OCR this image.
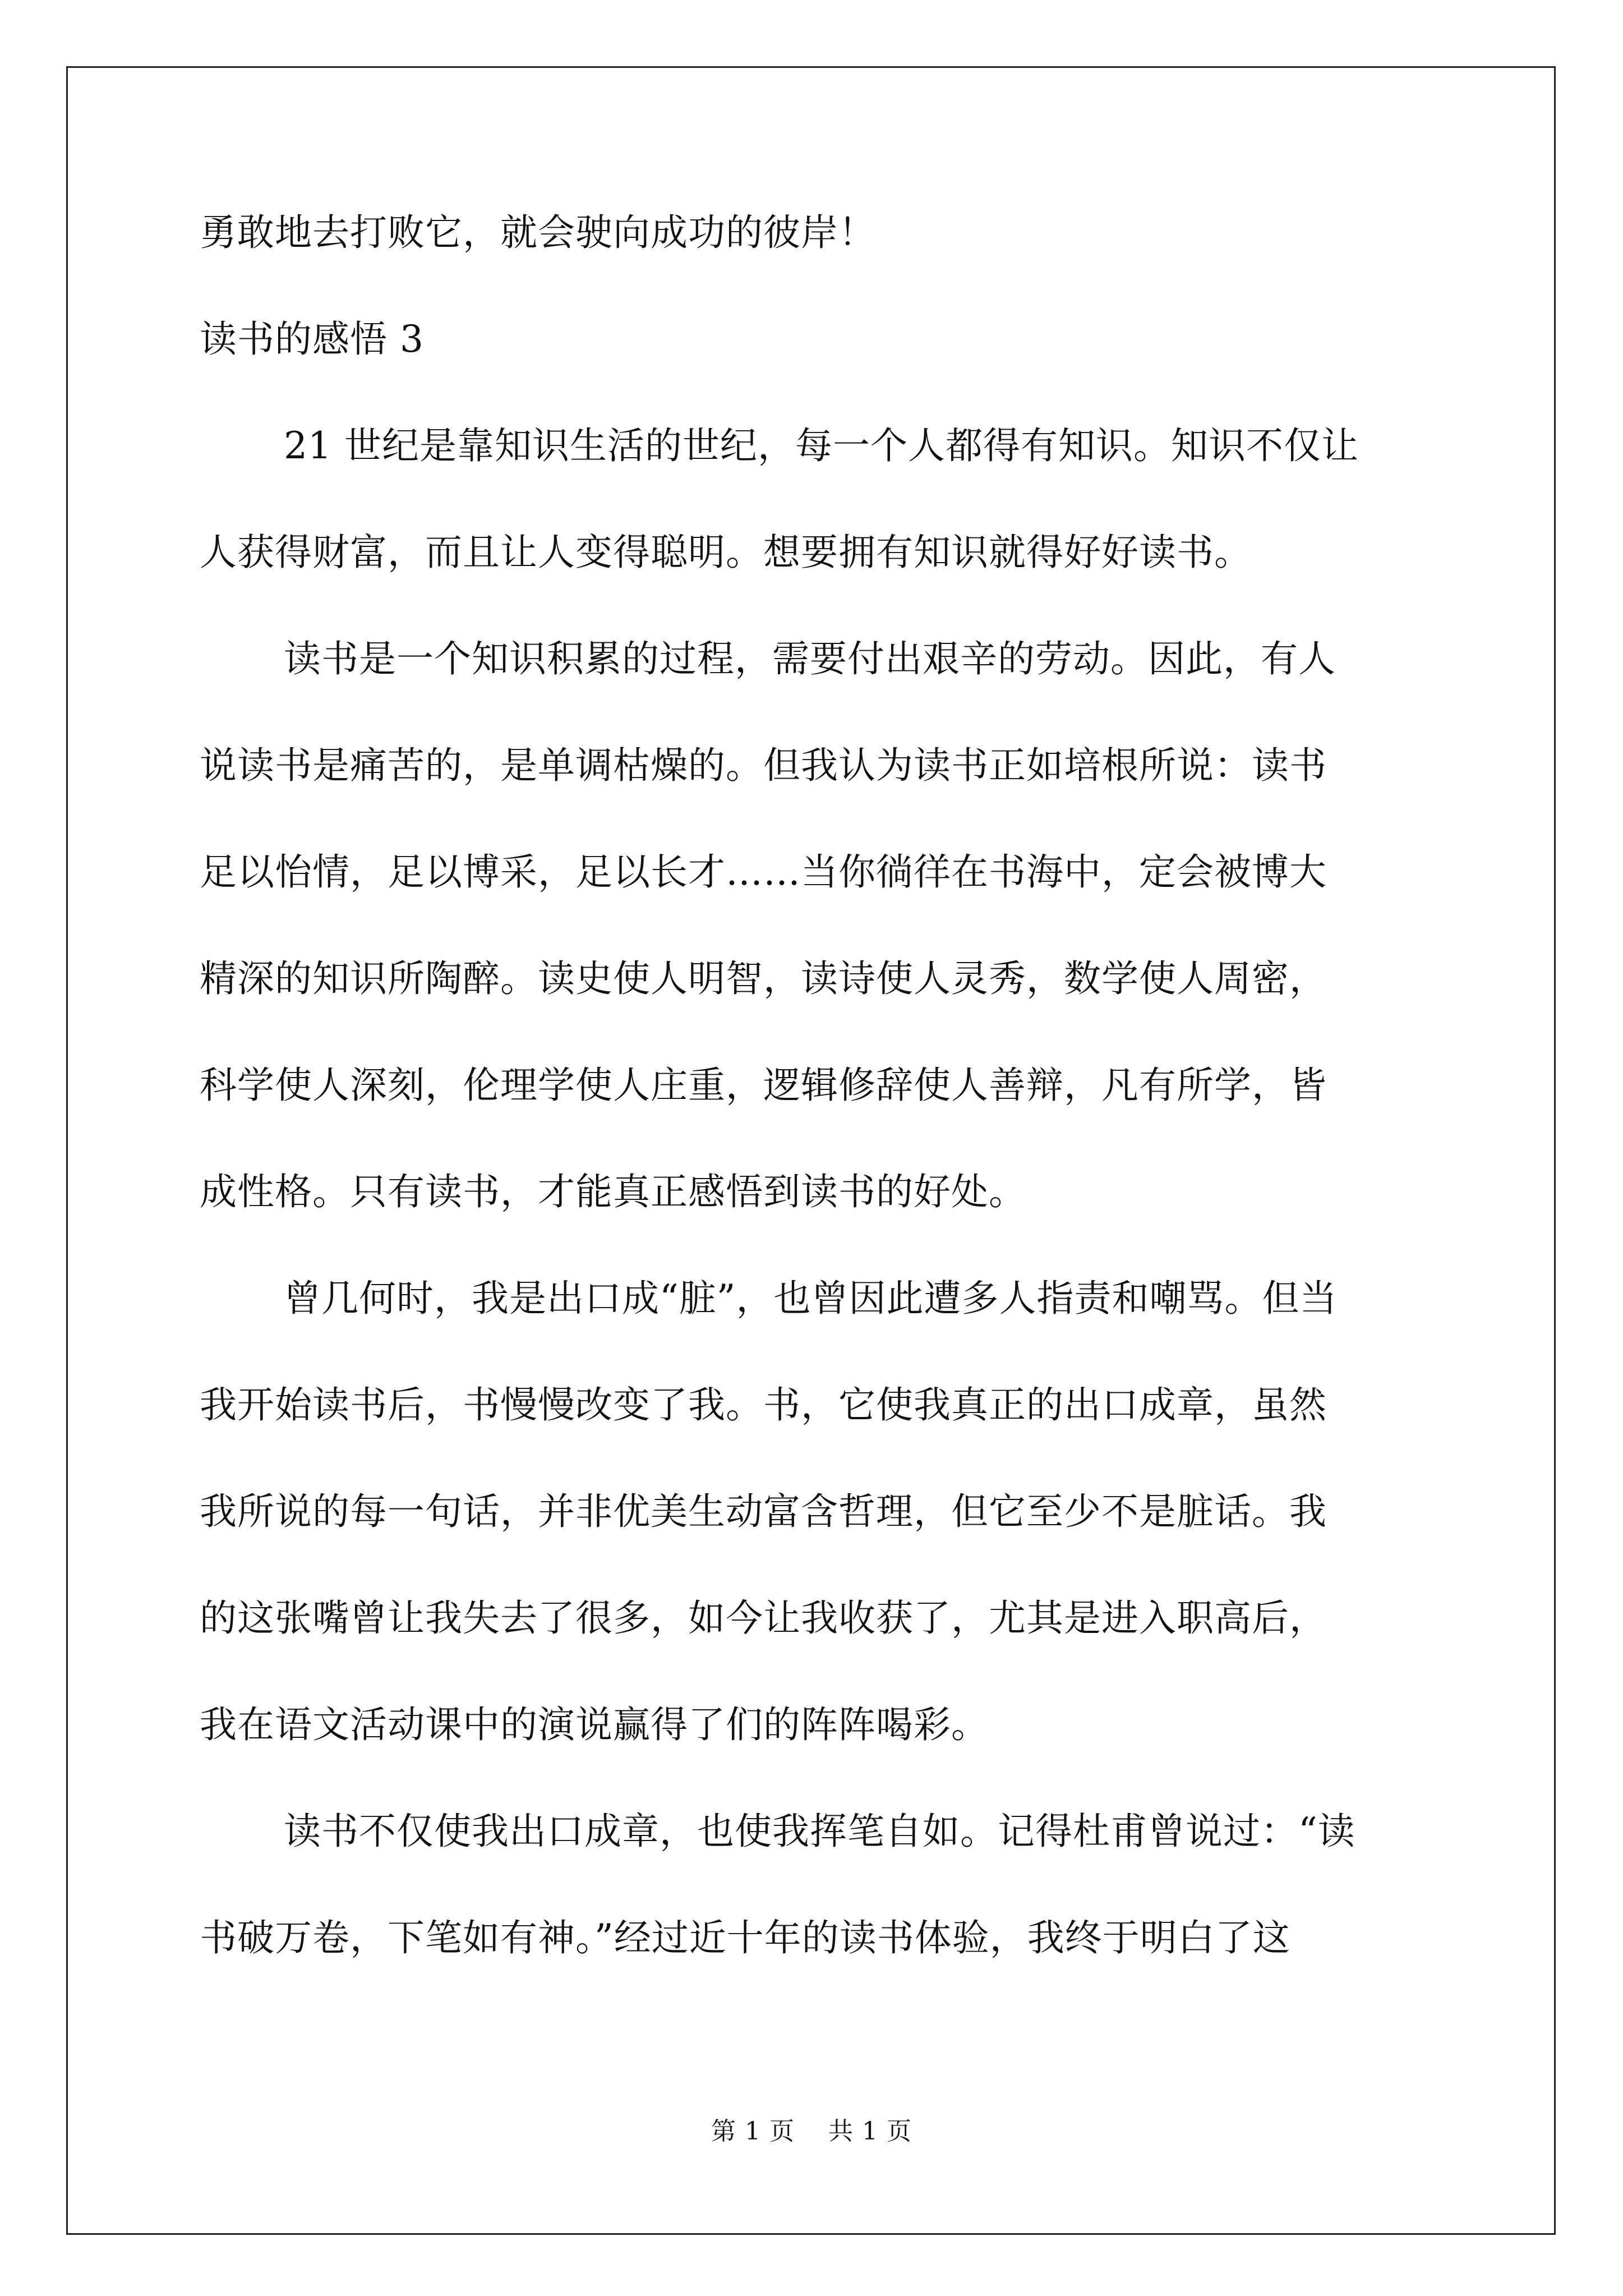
勇敢地去打败它，就会驶向成功的彼岸！

读书的感悟 3

21 世纪是靠知识生活的世纪，每一个人都得有知识。知识不仅让

人获得财富，而且让人变得聪明。想要拥有知识就得好好读书。

读书是一个知识积累的过程，需要付出艰辛的劳动。因此，有人

说读书是痛苦的，是单调枯燥的。但我认为读书正如培根所说：读书

足以怡情，足以博采，足以长才……当你徜徉在书海中，定会被博大

精深的知识所陶醉。读史使人明智，读诗使人灵秀，数学使人周密，

科学使人深刻，伦理学使人庄重，逻辑修辞使人善辩，凡有所学，皆

成性格。只有读书，才能真正感悟到读书的好处。

曾几何时，我是出口成“脏”，也曾因此遭多人指责和嘲骂。但当

我开始读书后，书慢慢改变了我。书，它使我真正的出口成章，虽然

我所说的每一句话，并非优美生动富含哲理，但它至少不是脏话。我

的这张嘴曾让我失去了很多，如今让我收获了，尤其是进入职高后，

我在语文活动课中的演说赢得了们的阵阵喝彩。

读书不仅使我出口成章，也使我挥笔自如。记得杜甫曾说过：“读

书破万卷，下笔如有神。”经过近十年的读书体验，我终于明白了这

第 1 页 共 1 页
